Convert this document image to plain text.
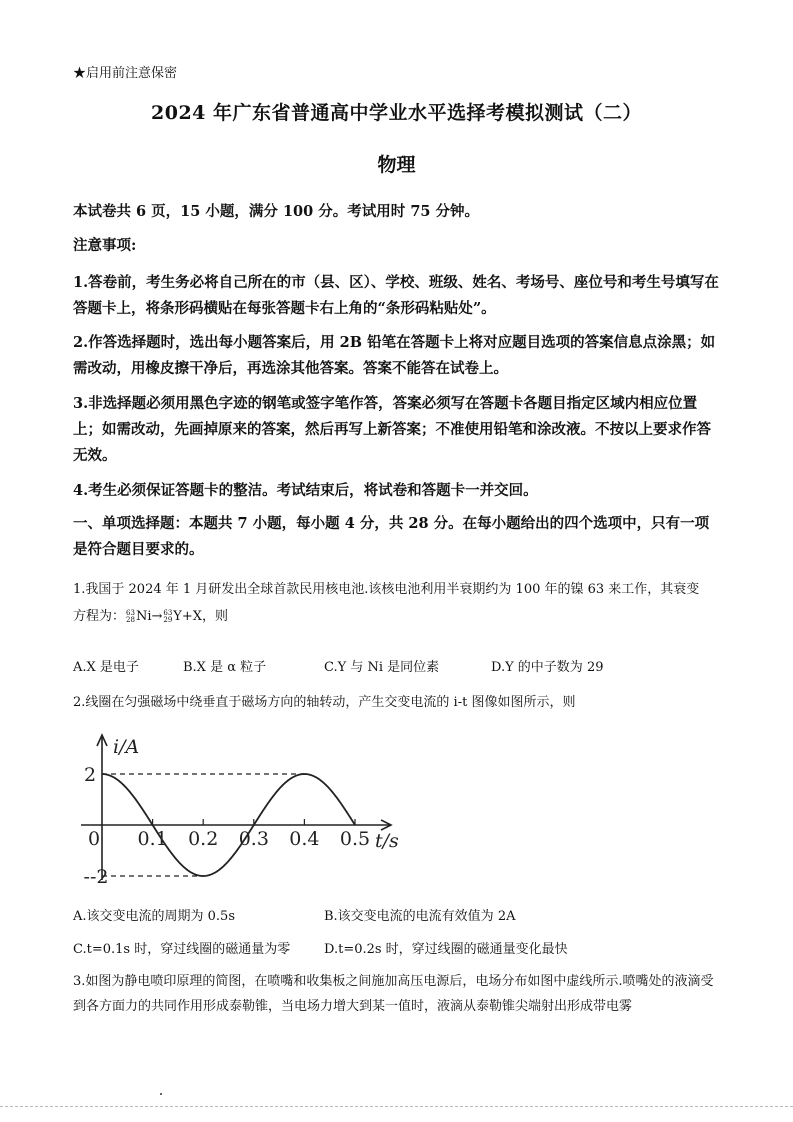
★启用前注意保密
2024 年广东省普通高中学业水平选择考模拟测试（二）
物理
本试卷共 6 页，15 小题，满分 100 分。考试用时 75 分钟。
注意事项:
1.答卷前，考生务必将自己所在的市（县、区）、学校、班级、姓名、考场号、座位号和考生号填写在答题卡上，将条形码横贴在每张答题卡右上角的“条形码粘贴处”。
2.作答选择题时，选出每小题答案后，用 2B 铅笔在答题卡上将对应题目选项的答案信息点涂黑；如需改动，用橡皮擦干净后，再选涂其他答案。答案不能答在试卷上。
3.非选择题必须用黑色字迹的钢笔或签字笔作答，答案必须写在答题卡各题目指定区域内相应位置上；如需改动，先画掉原来的答案，然后再写上新答案；不准使用铅笔和涂改液。不按以上要求作答无效。
4.考生必须保证答题卡的整洁。考试结束后，将试卷和答题卡一并交回。
一、单项选择题：本题共 7 小题，每小题 4 分，共 28 分。在每小题给出的四个选项中，只有一项是符合题目要求的。
1.我国于 2024 年 1 月研发出全球首款民用核电池.该核电池利用半衰期约为 100 年的镍 63 来工作，其衰变
方程为： 63
28 Ni→ 63
29 Y+X，则
A.X 是电子	B.X 是 α 粒子	C.Y 与 Ni 是同位素	D.Y 的中子数为 29
2.线圈在匀强磁场中绕垂直于磁场方向的轴转动，产生交变电流的 i-t 图像如图所示，则
0 0.1 0.2 0.3 0.4 0.5
2
--2
i/A
t/s
A.该交变电流的周期为 0.5s	B.该交变电流的电流有效值为 2A
C.t=0.1s 时，穿过线圈的磁通量为零	D.t=0.2s 时，穿过线圈的磁通量变化最快
3.如图为静电喷印原理的简图，在喷嘴和收集板之间施加高压电源后，电场分布如图中虚线所示.喷嘴处的液滴受到各方面力的共同作用形成泰勒锥，当电场力增大到某一值时，液滴从泰勒锥尖端射出形成带电雾
